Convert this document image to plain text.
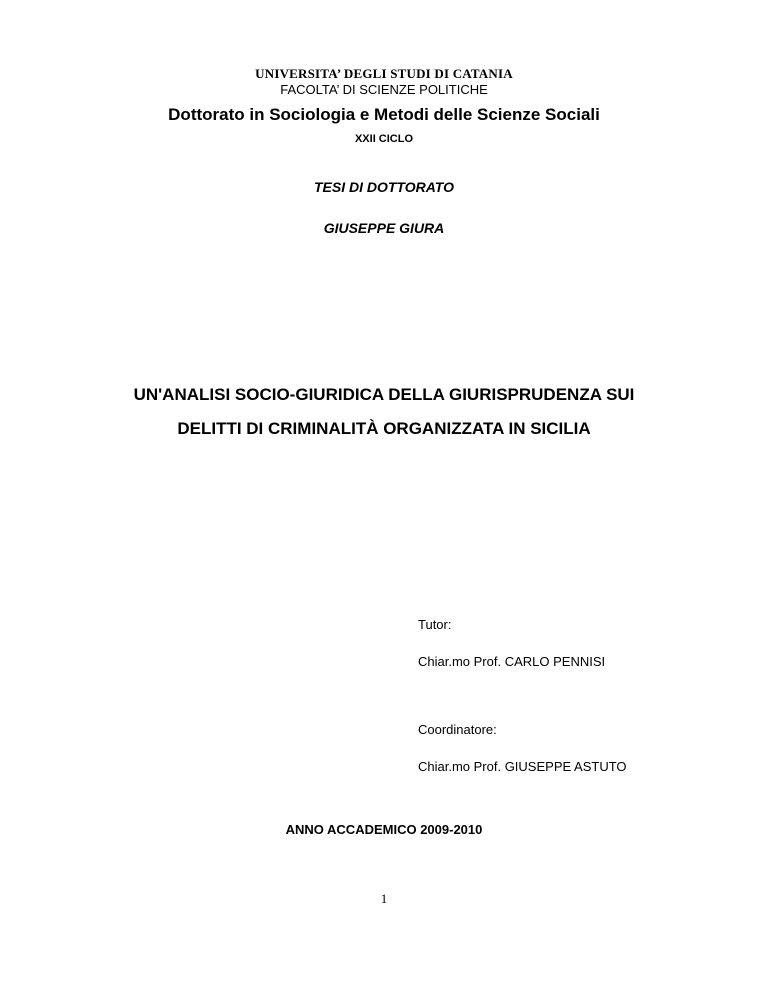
UNIVERSITA’ DEGLI STUDI DI CATANIA
FACOLTA’ DI SCIENZE POLITICHE
Dottorato in Sociologia e Metodi delle Scienze Sociali
XXII CICLO
TESI DI DOTTORATO
GIUSEPPE GIURA
UN'ANALISI SOCIO-GIURIDICA DELLA GIURISPRUDENZA SUI
DELITTI DI CRIMINALITÀ ORGANIZZATA IN SICILIA
Tutor:
Chiar.mo Prof. CARLO PENNISI
Coordinatore:
Chiar.mo Prof. GIUSEPPE ASTUTO
ANNO ACCADEMICO 2009-2010
1
